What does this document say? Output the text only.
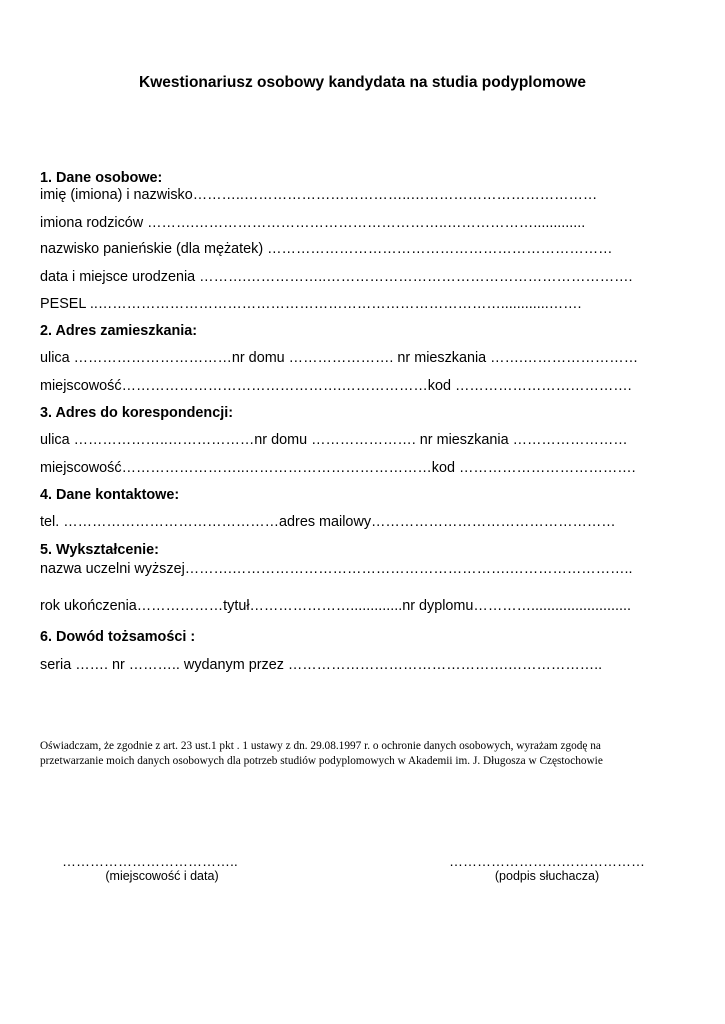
Kwestionariusz osobowy kandydata na studia podyplomowe
1. Dane osobowe:
imię (imiona) i nazwisko………..……………………………..…………………………………
imiona rodziców ……….……………………………………………..……………….............
nazwisko panieńskie (dla mężatek) ………………………………………………………………
data i miejsce urodzenia ……….……………..……………………………………………………….
PESEL ..…………………………………………………………………………............…….
2. Adres zamieszkania:
ulica ……………………………nr domu …………………. nr mieszkania …….……………………
miejscowość……………………………………….………………kod ……………………………….
3. Adres do korespondencji:
ulica ………………..………………nr domu …………………. nr mieszkania ……………………
miejscowość……………………..…………………………………kod ……………………………….
4. Dane kontaktowe:
tel. ………………………………………adres mailowy……………………………………………
5. Wykształcenie:
nazwa uczelni wyższej……….………………………………………………….……………………..
rok ukończenia………………tytuł………………….............nr dyplomu………….........................
6. Dowód tożsamości :
seria ……. nr ……….. wydanym przez ……………………………………….………………..
Oświadczam, że zgodnie z art. 23 ust.1 pkt . 1 ustawy z dn. 29.08.1997 r. o ochronie danych osobowych, wyrażam zgodę na
przetwarzanie moich danych osobowych dla potrzeb studiów podyplomowych w Akademii im. J. Długosza w Częstochowie
………………………………..
(miejscowość i data)
……………………………………
(podpis słuchacza)
